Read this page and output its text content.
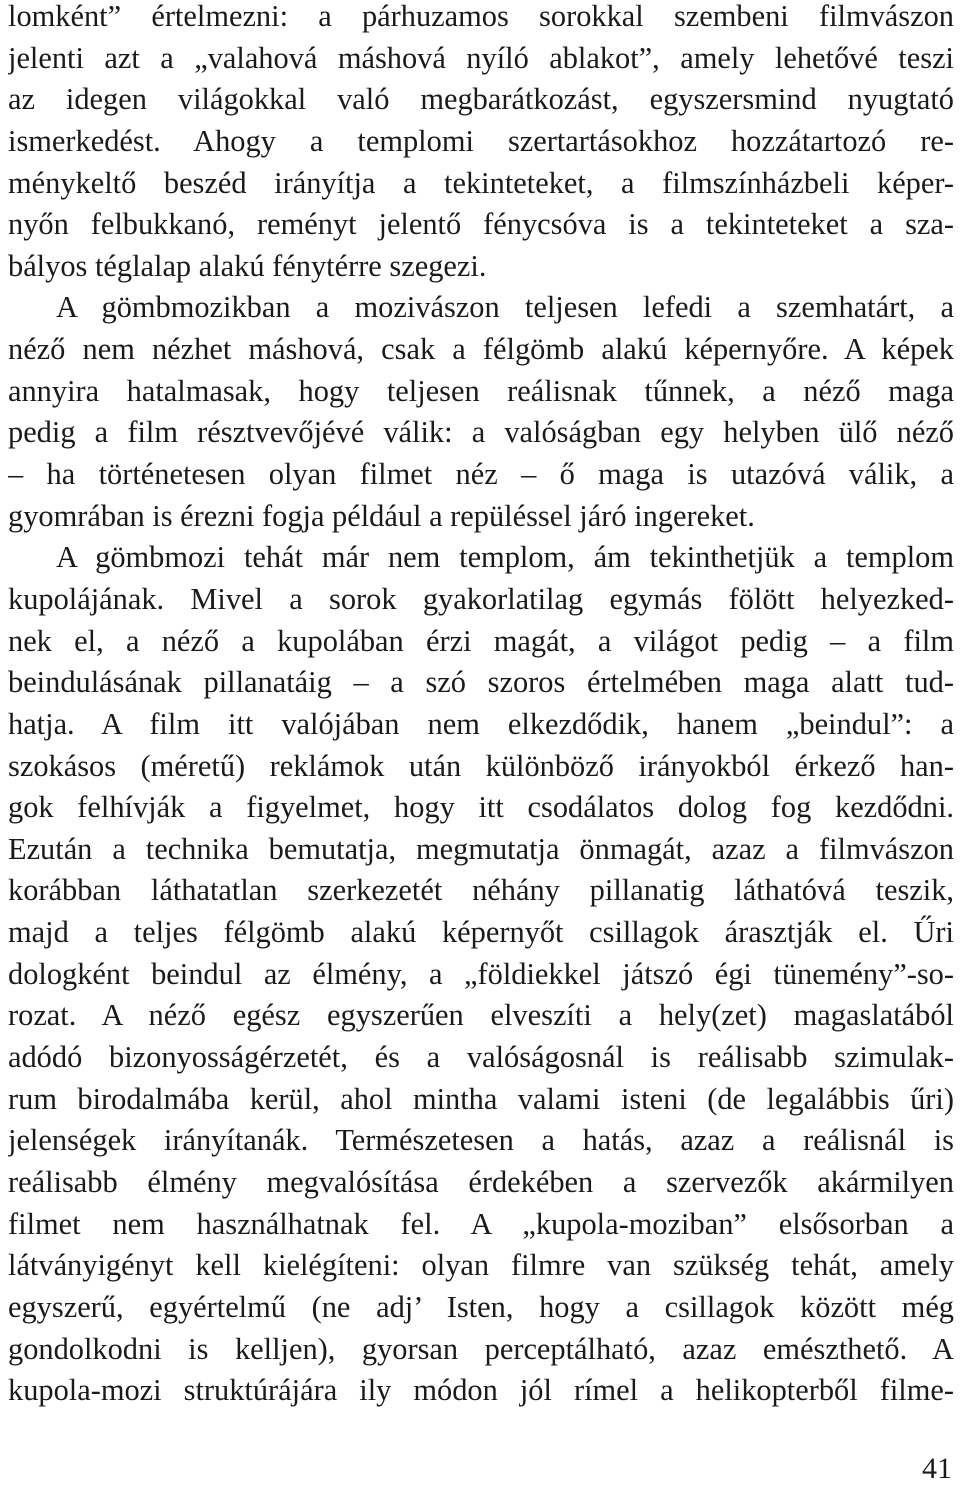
lomként” értelmezni: a párhuzamos sorokkal szembeni filmvászon
jelenti azt a „valahová máshová nyíló ablakot”, amely lehetővé teszi
az idegen világokkal való megbarátkozást, egyszersmind nyugtató
ismerkedést. Ahogy a templomi szertartásokhoz hozzátartozó re-
ménykeltő beszéd irányítja a tekinteteket, a filmszínházbeli képer-
nyőn felbukkanó, reményt jelentő fénycsóva is a tekinteteket a sza-
bályos téglalap alakú fénytérre szegezi.
A gömbmozikban a mozivászon teljesen lefedi a szemhatárt, a
néző nem nézhet máshová, csak a félgömb alakú képernyőre. A képek
annyira hatalmasak, hogy teljesen reálisnak tűnnek, a néző maga
pedig a film résztvevőjévé válik: a valóságban egy helyben ülő néző
– ha történetesen olyan filmet néz – ő maga is utazóvá válik, a
gyomrában is érezni fogja például a repüléssel járó ingereket.
A gömbmozi tehát már nem templom, ám tekinthetjük a templom
kupolájának. Mivel a sorok gyakorlatilag egymás fölött helyezked-
nek el, a néző a kupolában érzi magát, a világot pedig – a film
beindulásának pillanatáig – a szó szoros értelmében maga alatt tud-
hatja. A film itt valójában nem elkezdődik, hanem „beindul”: a
szokásos (méretű) reklámok után különböző irányokból érkező han-
gok felhívják a figyelmet, hogy itt csodálatos dolog fog kezdődni.
Ezután a technika bemutatja, megmutatja önmagát, azaz a filmvászon
korábban láthatatlan szerkezetét néhány pillanatig láthatóvá teszik,
majd a teljes félgömb alakú képernyőt csillagok árasztják el. Űri
dologként beindul az élmény, a „földiekkel játszó égi tünemény”-so-
rozat. A néző egész egyszerűen elveszíti a hely(zet) magaslatából
adódó bizonyosságérzetét, és a valóságosnál is reálisabb szimulak-
rum birodalmába kerül, ahol mintha valami isteni (de legalábbis űri)
jelenségek irányítanák. Természetesen a hatás, azaz a reálisnál is
reálisabb élmény megvalósítása érdekében a szervezők akármilyen
filmet nem használhatnak fel. A „kupola-moziban” elsősorban a
látványigényt kell kielégíteni: olyan filmre van szükség tehát, amely
egyszerű, egyértelmű (ne adj’ Isten, hogy a csillagok között még
gondolkodni is kelljen), gyorsan perceptálható, azaz emészthető. A
kupola-mozi struktúrájára ily módon jól rímel a helikopterből filme-
41
